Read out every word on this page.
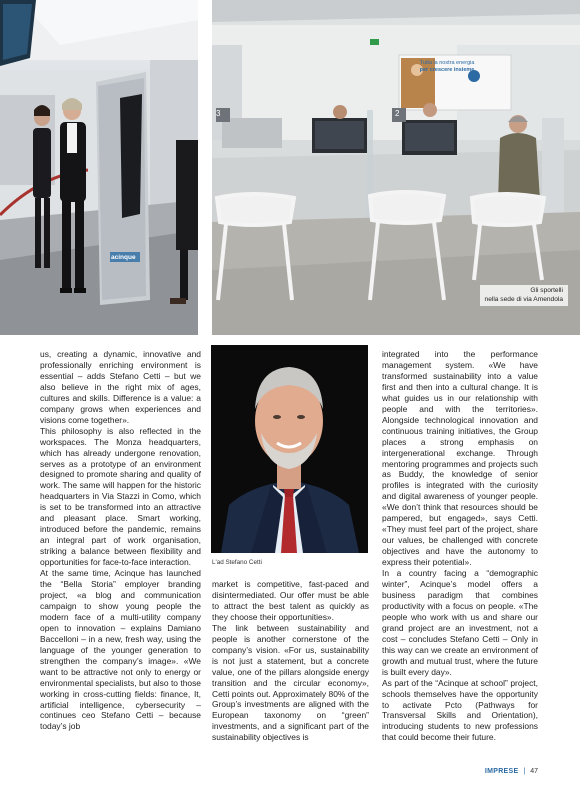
acinque
Tutta la nostra energia
per crescere insieme
3	2
Gli sportelli
nella sede di via Amendola
L'ad Stefano Cetti

us, creating a dynamic, innovative and professionally enriching environment is essential – adds Stefano Cetti – but we also believe in the right mix of ages, cultures and skills. Difference is a value: a company grows when experiences and visions come together».

This philosophy is also reflected in the workspaces. The Monza headquarters, which has already undergone renovation, serves as a prototype of an environment designed to promote sharing and quality of work. The same will happen for the historic headquarters in Via Stazzi in Como, which is set to be transformed into an attractive and pleasant place. Smart working, introduced before the pandemic, remains an integral part of work organisation, striking a balance between flexibility and opportunities for face-to-face interaction.

At the same time, Acinque has launched the “Bella Storia” employer branding project, «a blog and communication campaign to show young people the modern face of a multi-utility company open to innovation – explains Damiano Baccelloni – in a new, fresh way, using the language of the younger generation to strengthen the company’s image». «We want to be attractive not only to energy or environmental specialists, but also to those working in cross-cutting fields: finance, It, artificial intelligence, cybersecurity – continues ceo Stefano Cetti – because today’s job

market is competitive, fast-paced and disintermediated. Our offer must be able to attract the best talent as quickly as they choose their opportunities».

The link between sustainability and people is another cornerstone of the company’s vision. «For us, sustainability is not just a statement, but a concrete value, one of the pillars alongside energy transition and the circular economy», Cetti points out. Approximately 80% of the Group’s investments are aligned with the European taxonomy on “green” investments, and a significant part of the sustainability objectives is

integrated into the performance management system. «We have transformed sustainability into a value first and then into a cultural change. It is what guides us in our relationship with people and with the territories». Alongside technological innovation and continuous training initiatives, the Group places a strong emphasis on intergenerational exchange. Through mentoring programmes and projects such as Buddy, the knowledge of senior profiles is integrated with the curiosity and digital awareness of younger people. «We don’t think that resources should be pampered, but engaged», says Cetti. «They must feel part of the project, share our values, be challenged with concrete objectives and have the autonomy to express their potential».

In a country facing a “demographic winter”, Acinque’s model offers a business paradigm that combines productivity with a focus on people. «The people who work with us and share our grand project are an investment, not a cost – concludes Stefano Cetti – Only in this way can we create an environment of growth and mutual trust, where the future is built every day».

As part of the “Acinque at school” project, schools themselves have the opportunity to activate Pcto (Pathways for Transversal Skills and Orientation), introducing students to new professions that could become their future.

IMPRESE | 47
